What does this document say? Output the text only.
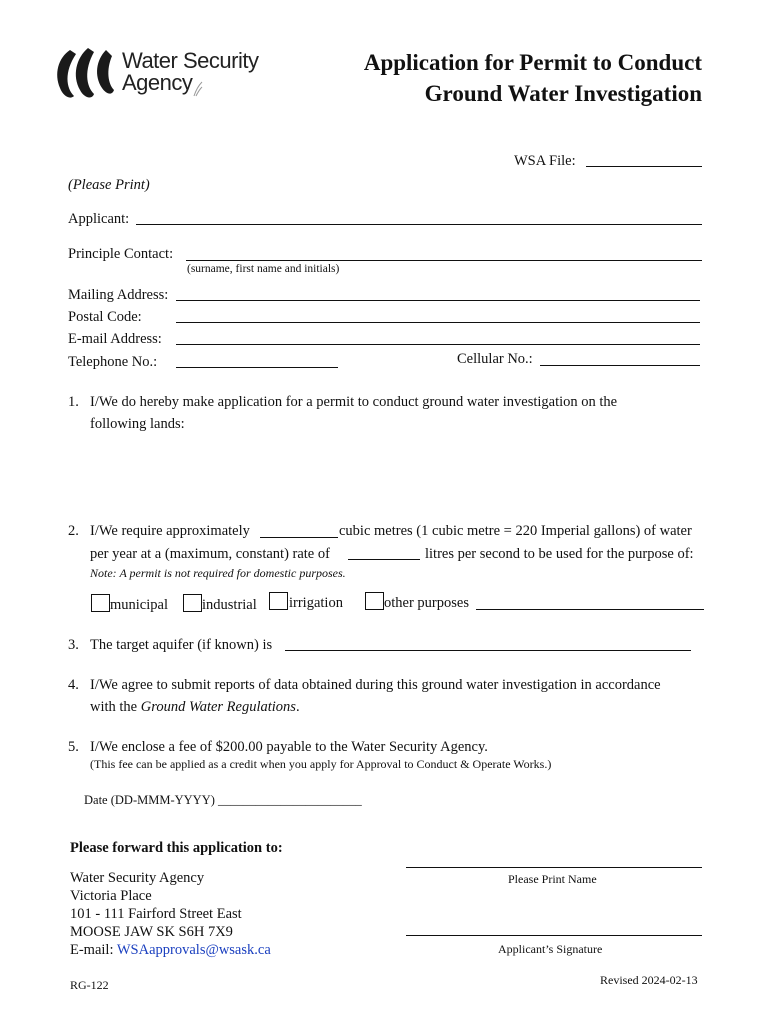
Water Security
Agency
Application for Permit to Conduct
Ground Water Investigation
WSA File:
(Please Print)
Applicant:
Principle Contact:
(surname, first name and initials)
Mailing Address:
Postal Code:
E-mail Address:
Telephone No.:	Cellular No.:
1. I/We do hereby make application for a permit to conduct ground water investigation on the
following lands:
2. I/We require approximately	cubic metres (1 cubic metre = 220 Imperial gallons) of water
per year at a (maximum, constant) rate of	litres per second to be used for the purpose of:
Note: A permit is not required for domestic purposes.
municipal industrial irrigation	other purposes
3. The target aquifer (if known) is
4. I/We agree to submit reports of data obtained during this ground water investigation in accordance
with the Ground Water Regulations.
5. I/We enclose a fee of $200.00 payable to the Water Security Agency.
(This fee can be applied as a credit when you apply for Approval to Conduct & Operate Works.)
Date (DD-MMM-YYYY) _______________________
Please forward this application to:
Water Security Agency
Victoria Place
101 - 111 Fairford Street East
MOOSE JAW SK S6H 7X9
E-mail: WSAapprovals@wsask.ca
Please Print Name
Applicant’s Signature
RG-122	Revised 2024-02-13
